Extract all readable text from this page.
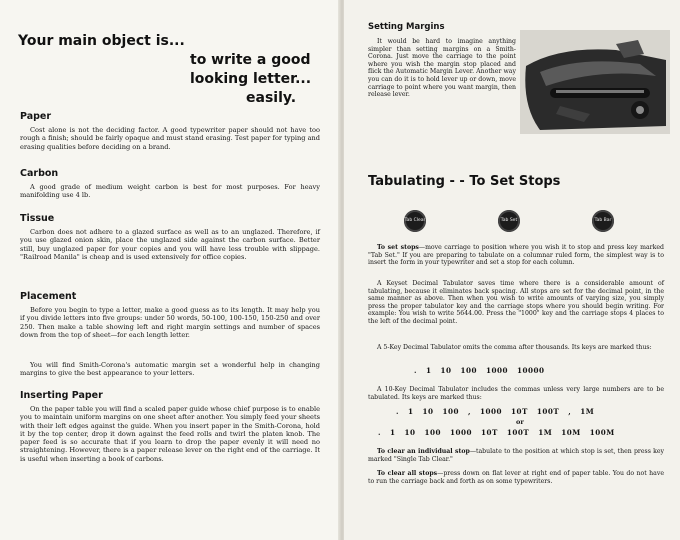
Your main object is...
to write a good
looking letter...
easily.
Paper

Cost alone is not the deciding factor. A good typewriter paper should not have too rough a finish; should be fairly opaque and must stand erasing. Test paper for typing and erasing qualities before deciding on a brand.

Carbon

A good grade of medium weight carbon is best for most purposes. For heavy manifolding use 4 lb.

Tissue

Carbon does not adhere to a glazed surface as well as to an unglazed. Therefore, if you use glazed onion skin, place the unglazed side against the carbon surface. Better still, buy unglazed paper for your copies and you will have less trouble with slippage. "Railroad Manila" is cheap and is used extensively for office copies.

Placement

Before you begin to type a letter, make a good guess as to its length. It may help you if you divide letters into five groups: under 50 words, 50-100, 100-150, 150-250 and over 250. Then make a table showing left and right margin settings and number of spaces down from the top of sheet—for each length letter.

You will find Smith-Corona's automatic margin set a wonderful help in changing margins to give the best appearance to your letters.

Inserting Paper

On the paper table you will find a scaled paper guide whose chief purpose is to enable you to maintain uniform margins on one sheet after another. You simply feed your sheets with their left edges against the guide. When you insert paper in the Smith-Corona, hold it by the top center, drop it down against the feed rolls and twirl the platen knob. The paper feed is so accurate that if you learn to drop the paper evenly it will need no straightening. However, there is a paper release lever on the right end of the carriage. It is useful when inserting a book of carbons.

Setting Margins

It would be hard to imagine anything simpler than setting margins on a Smith-Corona. Just move the carriage to the point where you wish the margin stop placed and flick the Automatic Margin Lever. Another way you can do it is to hold lever up or down, move carriage to point where you want margin, then release lever.

Tabulating - - To Set Stops
Tab Clear	Tab Set	Tab Bar

To set stops—move carriage to position where you wish it to stop and press key marked "Tab Set." If you are preparing to tabulate on a columnar ruled form, the simplest way is to insert the form in your typewriter and set a stop for each column.

A Keyset Decimal Tabulator saves time where there is a considerable amount of tabulating, because it eliminates back spacing. All stops are set for the decimal point, in the same manner as above. Then when you wish to write amounts of varying size, you simply press the proper tabulator key and the carriage stops where you should begin writing. For example: You wish to write 5644.00. Press the "1000" key and the carriage stops 4 places to the left of the decimal point.

A 5-Key Decimal Tabulator omits the comma after thousands. Its keys are marked thus:

.   1   10   100   1000   10000

A 10-Key Decimal Tabulator includes the commas unless very large numbers are to be tabulated. Its keys are marked thus:

.   1   10   100   ,   1000   10T   100T   ,   1M
or
.   1   10   100   1000   10T   100T   1M   10M   100M

To clear an individual stop—tabulate to the position at which stop is set, then press key marked "Single Tab Clear."

To clear all stops—press down on flat lever at right end of paper table. You do not have to run the carriage back and forth as on some typewriters.
